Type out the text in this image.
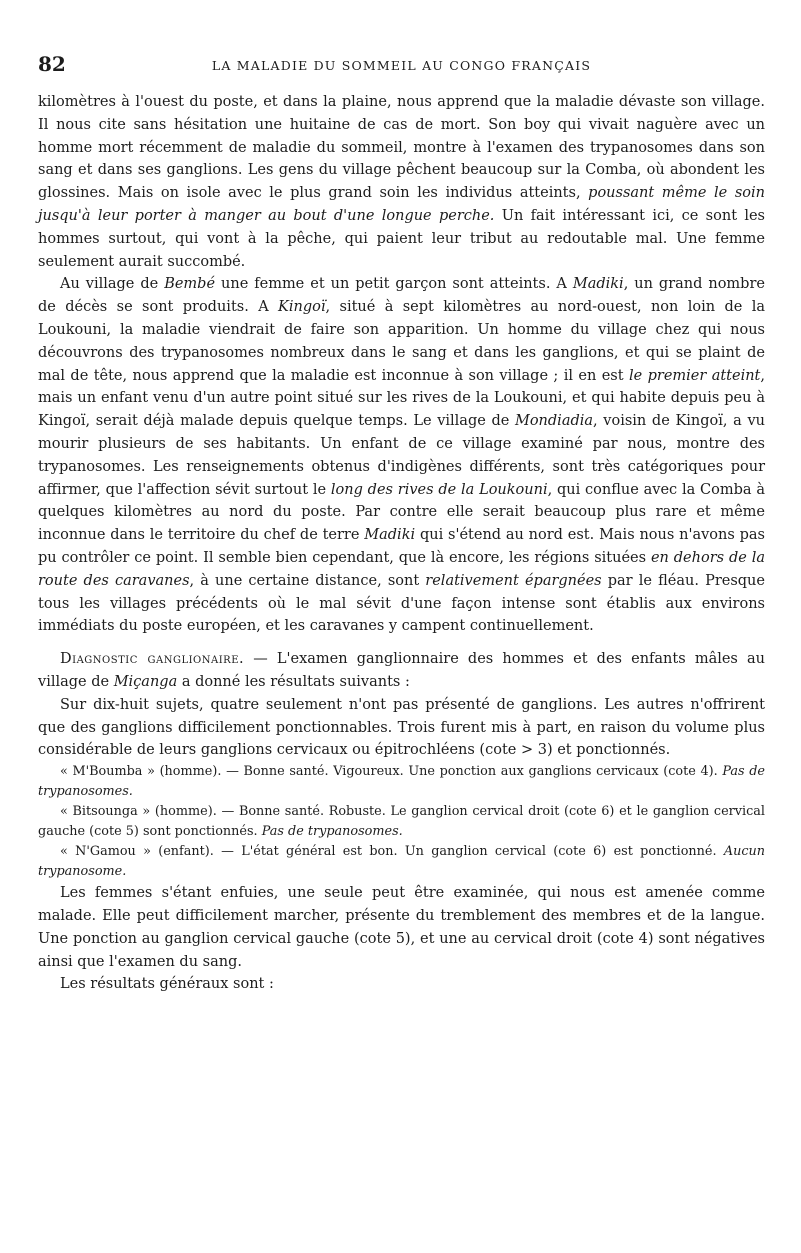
82	LA MALADIE DU SOMMEIL AU CONGO FRANÇAIS

kilomètres à l'ouest du poste, et dans la plaine, nous apprend que la maladie dévaste son village. Il nous cite sans hésitation une huitaine de cas de mort. Son boy qui vivait naguère avec un homme mort récemment de maladie du sommeil, montre à l'examen des trypanosomes dans son sang et dans ses ganglions. Les gens du village pêchent beaucoup sur la Comba, où abondent les glossines. Mais on isole avec le plus grand soin les individus atteints, poussant même le soin jusqu'à leur porter à manger au bout d'une longue perche. Un fait intéressant ici, ce sont les hommes surtout, qui vont à la pêche, qui paient leur tribut au redoutable mal. Une femme seulement aurait succombé.

Au village de Bembé une femme et un petit garçon sont atteints. A Madiki, un grand nombre de décès se sont produits. A Kingoï, situé à sept kilomètres au nord-ouest, non loin de la Loukouni, la maladie viendrait de faire son apparition. Un homme du village chez qui nous découvrons des trypanosomes nombreux dans le sang et dans les ganglions, et qui se plaint de mal de tête, nous apprend que la maladie est inconnue à son village ; il en est le premier atteint, mais un enfant venu d'un autre point situé sur les rives de la Loukouni, et qui habite depuis peu à Kingoï, serait déjà malade depuis quelque temps. Le village de Mondiadia, voisin de Kingoï, a vu mourir plusieurs de ses habitants. Un enfant de ce village examiné par nous, montre des trypanosomes. Les renseignements obtenus d'indigènes différents, sont très catégoriques pour affirmer, que l'affection sévit surtout le long des rives de la Loukouni, qui conflue avec la Comba à quelques kilomètres au nord du poste. Par contre elle serait beaucoup plus rare et même inconnue dans le territoire du chef de terre Madiki qui s'étend au nord est. Mais nous n'avons pas pu contrôler ce point. Il semble bien cependant, que là encore, les régions situées en dehors de la route des caravanes, à une certaine distance, sont relativement épargnées par le fléau. Presque tous les villages précédents où le mal sévit d'une façon intense sont établis aux environs immédiats du poste européen, et les caravanes y campent continuellement.

Diagnostic ganglionaire. — L'examen ganglionnaire des hommes et des enfants mâles au village de Miçanga a donné les résultats suivants :

Sur dix-huit sujets, quatre seulement n'ont pas présenté de ganglions. Les autres n'offrirent que des ganglions difficilement ponctionnables. Trois furent mis à part, en raison du volume plus considérable de leurs ganglions cervicaux ou épitrochléens (cote > 3) et ponctionnés.

« M'Boumba » (homme). — Bonne santé. Vigoureux. Une ponction aux ganglions cervicaux (cote 4). Pas de trypanosomes.

« Bitsounga » (homme). — Bonne santé. Robuste. Le ganglion cervical droit (cote 6) et le ganglion cervical gauche (cote 5) sont ponctionnés. Pas de trypanosomes.

« N'Gamou » (enfant). — L'état général est bon. Un ganglion cervical (cote 6) est ponctionné. Aucun trypanosome.

Les femmes s'étant enfuies, une seule peut être examinée, qui nous est amenée comme malade. Elle peut difficilement marcher, présente du tremblement des membres et de la langue. Une ponction au ganglion cervical gauche (cote 5), et une au cervical droit (cote 4) sont négatives ainsi que l'examen du sang.

Les résultats généraux sont :
